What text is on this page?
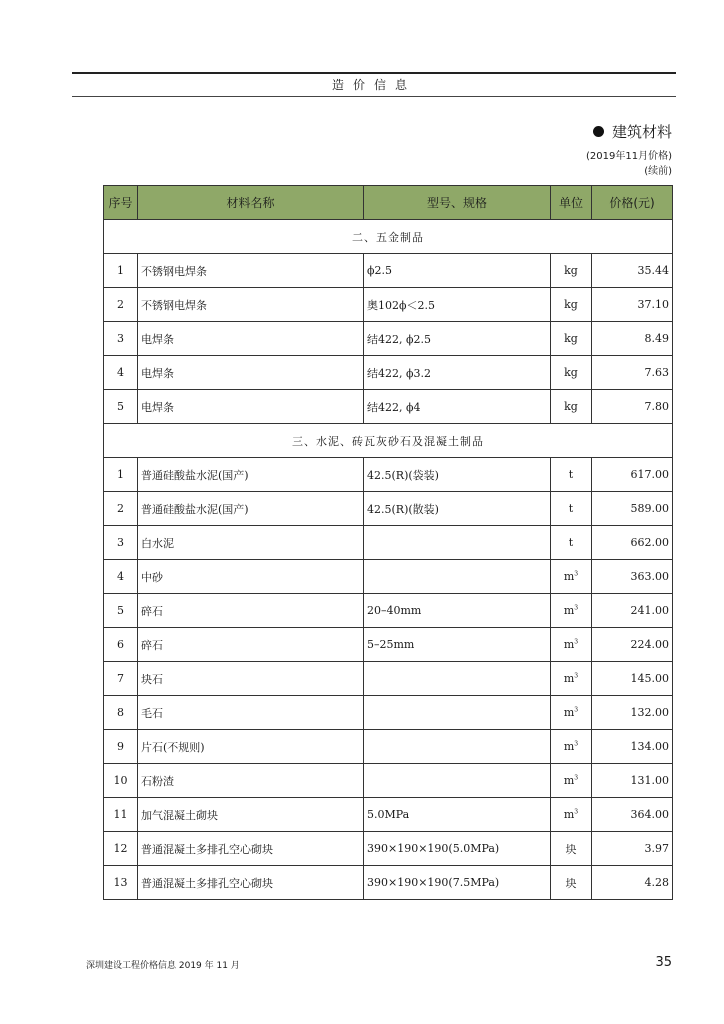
造价信息
建筑材料
(2019年11月价格)
(续前)
序号	材料名称	型号、规格	单位	价格(元)
二、五金制品				
1	不锈钢电焊条	ϕ2.5	kg	35.44
2	不锈钢电焊条	奥102ϕ＜2.5	kg	37.10
3	电焊条	结422, ϕ2.5	kg	8.49
4	电焊条	结422, ϕ3.2	kg	7.63
5	电焊条	结422, ϕ4	kg	7.80
三、水泥、砖瓦灰砂石及混凝土制品				
1	普通硅酸盐水泥(国产)	42.5(R)(袋装)	t	617.00
2	普通硅酸盐水泥(国产)	42.5(R)(散装)	t	589.00
3	白水泥		t	662.00
4	中砂		$m^3$	363.00
5	碎石	20–40mm	$m^3$	241.00
6	碎石	5–25mm	$m^3$	224.00
7	块石		$m^3$	145.00
8	毛石		$m^3$	132.00
9	片石(不规则)		$m^3$	134.00
10	石粉渣		$m^3$	131.00
11	加气混凝土砌块	5.0MPa	$m^3$	364.00
12	普通混凝土多排孔空心砌块	390×190×190(5.0MPa)	块	3.97
13	普通混凝土多排孔空心砌块	390×190×190(7.5MPa)	块	4.28
深圳建设工程价格信息 2019 年 11 月	35
